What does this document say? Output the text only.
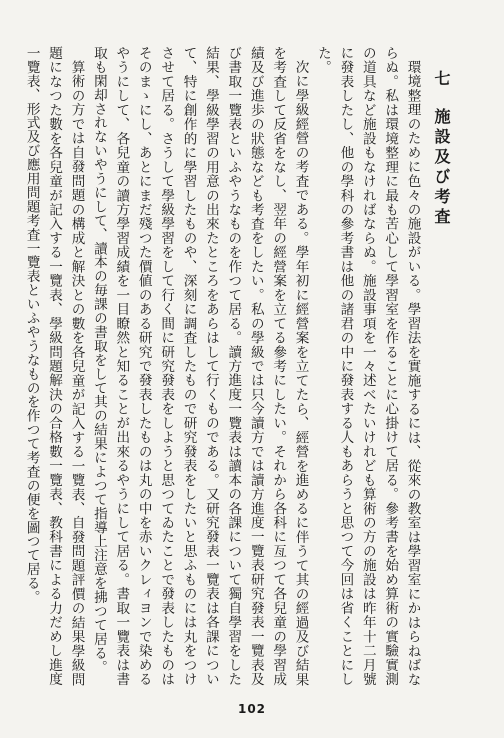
七施設及び考査

環境整理のために色々の施設がいる。學習法を實施するには、從來の教室は學習室にかはらねばならぬ。私は環境整理に最も苦心して學習室を作ることに心掛けて居る。參考書を始め算術の實驗實測の道具など施設もなければならぬ。施設事項を一々述べたいけれども算術の方の施設は昨年十二月號に發表したし、他の學科の參考書は他の諸君の中に發表する人もあらうと思つて今回は省くことにした。

次に學級經營の考査である。學年初に經營案を立てたら、經營を進めるに伴うて其の經過及び結果を考査して反省をなし、翌年の經營案を立てる參考にしたい。それから各科に亙つて各兒童の學習成績及び進歩の狀態なども考査をしたい。私の學級では只今讀方では讀方進度一覽表研究發表一覽表及び書取一覽表といふやうなものを作つて居る。讀方進度一覽表は讀本の各課について獨自學習をした結果、學級學習の用意の出來たところをあらはして行くものである。又研究發表一覽表は各課について、特に創作的に學習したものや、深刻に調査したもので研究發表をしたいと思ふものには丸をつけさせて居る。さうして學級學習をして行く間に研究發表をしようと思つてゐたことで發表したものはそのまゝにし、あとにまだ殘つた價値のある研究で發表したものは丸の中を赤いクレィヨンで染めるやうにして、各兒童の讀方學習成績を一目瞭然と知ることが出來るやうにして居る。書取一覽表は書取も閑却されないやうにして、讀本の毎課の書取をして其の結果によつて指導上注意を拂つて居る。

算術の方では自發問題の構成と解決との數を各兒童が記入する一覽表、自發問題評價の結果學級問題になつた數を各兒童が記入する一覽表、學級問題解決の合格數一覽表、教科書による力だめし進度一覽表、形式及び應用問題考査一覽表といふやうなものを作つて考査の便を圖つて居る。

102
